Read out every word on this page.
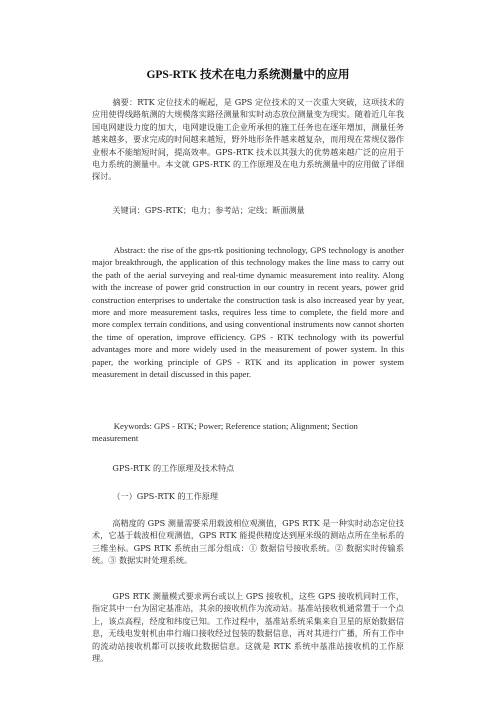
GPS-RTK 技术在电力系统测量中的应用

摘要：RTK 定位技术的崛起，是 GPS 定位技术的又一次重大突破，这项技术的应用使得线路航测的大规模落实路径测量和实时动态放位测量变为现实。随着近几年我国电网建设力度的加大，电网建设施工企业所承担的施工任务也在逐年增加，测量任务越来越多，要求完成的时间越来越短，野外地形条件越来越复杂，而用现在常规仪器作业根本不能缩短时间，提高效率。GPS-RTK 技术以其强大的优势越来越广泛的应用于电力系统的测量中。本文就 GPS-RTK 的工作原理及在电力系统测量中的应用做了详细探讨。

关键词：GPS-RTK；电力；参考站；定线；断面测量

Abstract: the rise of the gps-rtk positioning technology, GPS technology is another major breakthrough, the application of this technology makes the line mass to carry out the path of the aerial surveying and real-time dynamic measurement into reality. Along with the increase of power grid construction in our country in recent years, power grid construction enterprises to undertake the construction task is also increased year by year, more and more measurement tasks, requires less time to complete, the field more and more complex terrain conditions, and using conventional instruments now cannot shorten the time of operation, improve efficiency. GPS - RTK technology with its powerful advantages more and more widely used in the measurement of power system. In this paper, the working principle of GPS - RTK and its application in power system measurement in detail discussed in this paper.

Keywords: GPS - RTK; Power; Reference station; Alignment; Section measurement

GPS-RTK 的工作原理及技术特点

（一）GPS-RTK 的工作原理

高精度的 GPS 测量需要采用载波相位观测值，GPS RTK 是一种实时动态定位技术，它基于载波相位观测值，GPS RTK 能提供精度达到厘米级的测站点所在坐标系的三维坐标。GPS RTK 系统由三部分组成：① 数据信号接收系统。② 数据实时传输系统。③ 数据实时处理系统。

GPS RTK 测量模式要求两台或以上 GPS 接收机，这些 GPS 接收机同时工作，指定其中一台为固定基准站，其余的接收机作为流动站。基准站接收机通常置于一个点上，该点高程，经度和纬度已知。工作过程中，基准站系统采集来自卫星的原始数据信息，无线电发射机由串行端口接收经过包装的数据信息，再对其进行广播，所有工作中的流动站接收机都可以接收此数据信息。这就是 RTK 系统中基准站接收机的工作原理。
